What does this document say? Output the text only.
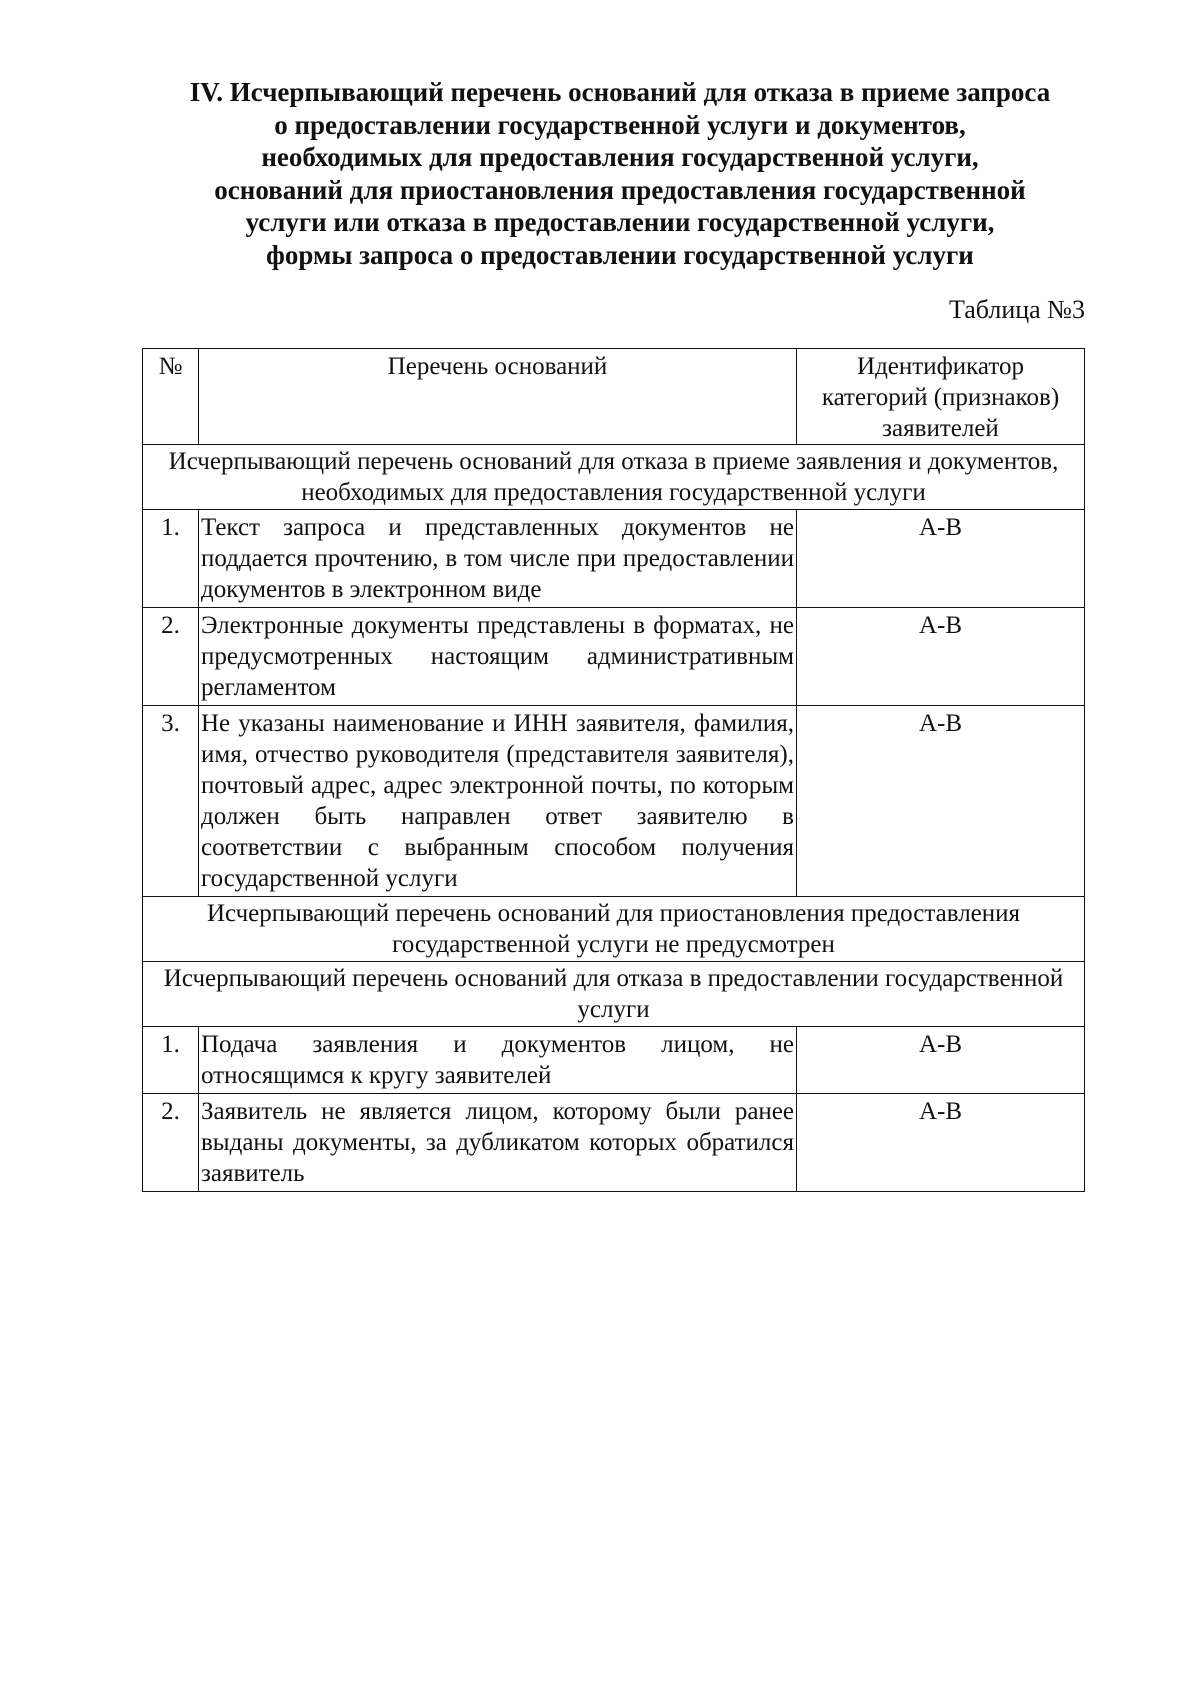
IV. Исчерпывающий перечень оснований для отказа в приеме запроса
о предоставлении государственной услуги и документов,
необходимых для предоставления государственной услуги,
оснований для приостановления предоставления государственной
услуги или отказа в предоставлении государственной услуги,
формы запроса о предоставлении государственной услуги
Таблица №3
№	Перечень оснований	Идентификатор
категорий (признаков)
заявителей

Исчерпывающий перечень оснований для отказа в приеме заявления и документов, необходимых для предоставления государственной услуги		
1.	Текст запроса и представленных документов не поддается прочтению, в том числе при предоставлении документов в электронном виде	А-В
2.	Электронные документы представлены в форматах, не предусмотренных настоящим административным регламентом	А-В
3.	Не указаны наименование и ИНН заявителя, фамилия, имя, отчество руководителя (представителя заявителя), почтовый адрес, адрес электронной почты, по которым должен быть направлен ответ заявителю в соответствии с выбранным способом получения государственной услуги	А-В
Исчерпывающий перечень оснований для приостановления предоставления государственной услуги не предусмотрен		
Исчерпывающий перечень оснований для отказа в предоставлении государственной услуги		
1.	Подача заявления и документов лицом, не относящимся к кругу заявителей	А-В
2.	Заявитель не является лицом, которому были ранее выданы документы, за дубликатом которых обратился заявитель	А-В
